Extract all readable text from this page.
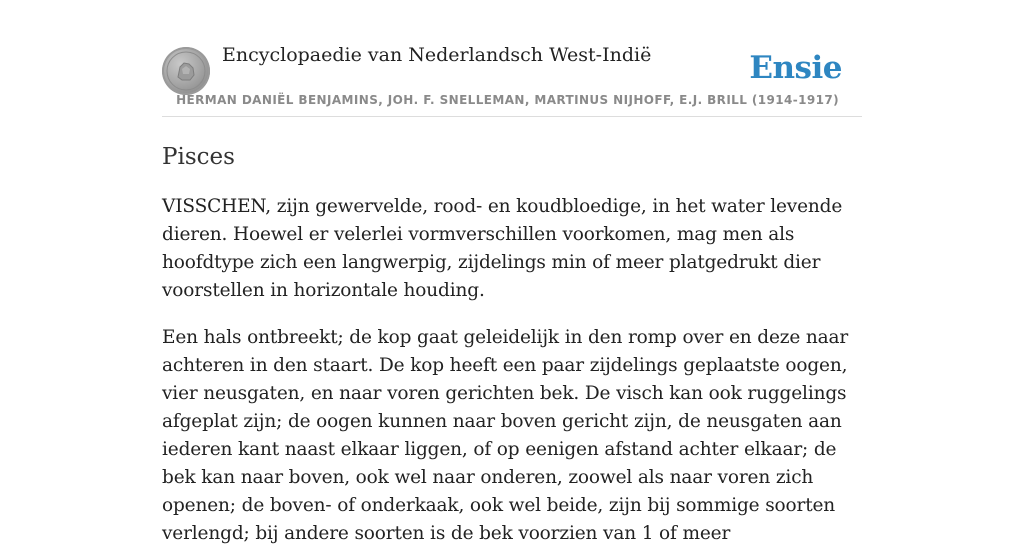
Encyclopaedie van Nederlandsch West-Indië	Ensie
HERMAN DANIËL BENJAMINS, JOH. F. SNELLEMAN, MARTINUS NIJHOFF, E.J. BRILL (1914-1917)
Pisces

VISSCHEN, zijn gewervelde, rood- en koudbloedige, in het water levende dieren. Hoewel er velerlei vormverschillen voorkomen, mag men als hoofdtype zich een langwerpig, zijdelings min of meer platgedrukt dier voorstellen in horizontale houding.

Een hals ontbreekt; de kop gaat geleidelijk in den romp over en deze naar achteren in den staart. De kop heeft een paar zijdelings geplaatste oogen, vier neusgaten, en naar voren gerichten bek. De visch kan ook ruggelings afgeplat zijn; de oogen kunnen naar boven gericht zijn, de neusgaten aan iederen kant naast elkaar liggen, of op eenigen afstand achter elkaar; de bek kan naar boven, ook wel naar onderen, zoowel als naar voren zich openen; de boven- of onderkaak, ook wel beide, zijn bij sommige soorten verlengd; bij andere soorten is de bek voorzien van 1 of meer
